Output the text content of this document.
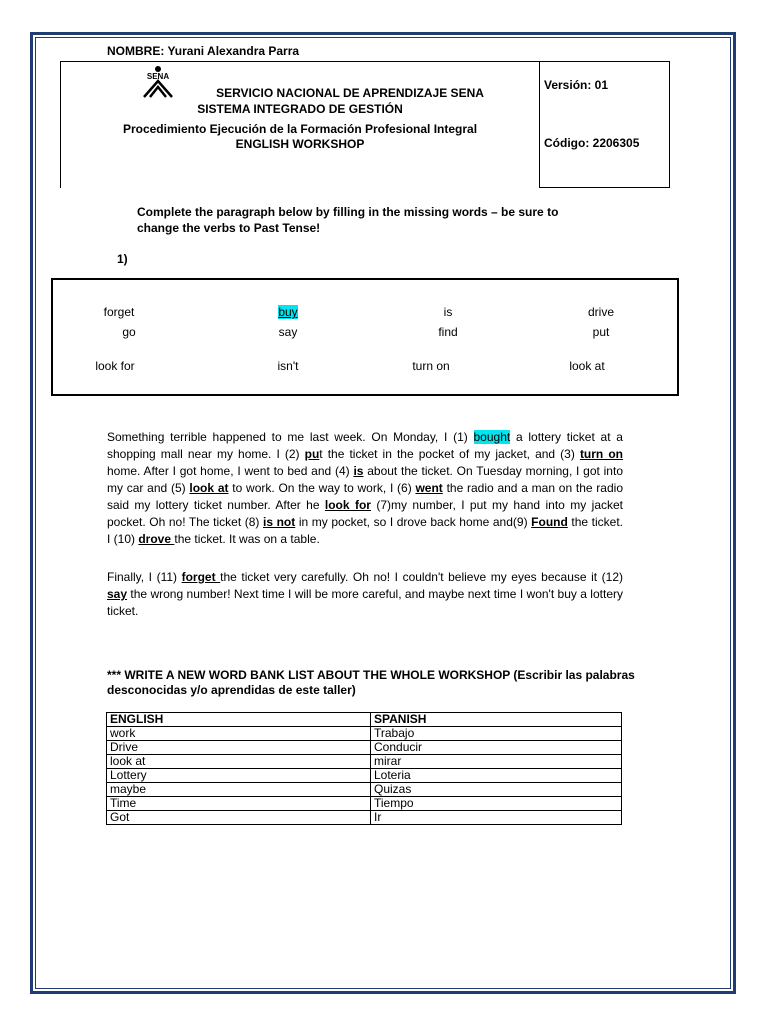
NOMBRE: Yurani Alexandra Parra
SENA
SERVICIO NACIONAL DE APRENDIZAJE SENA
SISTEMA INTEGRADO DE GESTIÓN
Procedimiento Ejecución de la Formación Profesional Integral
ENGLISH WORKSHOP
Versión: 01
Código: 2206305
Complete the paragraph below by filling in the missing words – be sure to change the verbs to Past Tense!
1)
forget	buy	is	drive
go	say	find	put
look for	isn't	turn on	look at
Something terrible happened to me last week. On Monday, I (1) bought a lottery ticket at a shopping mall near my home. I (2) put the ticket in the pocket of my jacket, and (3) turn on home. After I got home, I went to bed and (4) is about the ticket. On Tuesday morning, I got into my car and (5) look at to work. On the way to work, I (6) went the radio and a man on the radio said my lottery ticket number. After he look for (7)my number, I put my hand into my jacket pocket. Oh no! The ticket (8) is not in my pocket, so I drove back home and(9) Found the ticket. I (10) drove the ticket. It was on a table.
Finally, I (11) forget the ticket very carefully. Oh no! I couldn't believe my eyes because it (12) say the wrong number! Next time I will be more careful, and maybe next time I won't buy a lottery ticket.
*** WRITE A NEW WORD BANK LIST ABOUT THE WHOLE WORKSHOP (Escribir las palabras desconocidas y/o aprendidas de este taller)
ENGLISH	SPANISH
work	Trabajo
Drive	Conducir
look at	mirar
Lottery	Loteria
maybe	Quizas
Time	Tiempo
Got	Ir
